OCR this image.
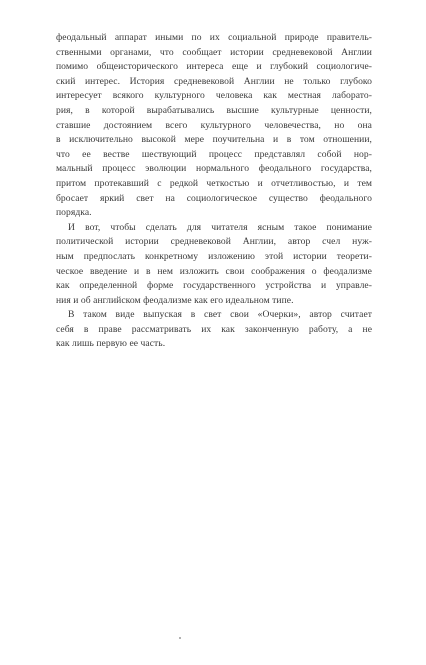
феодальный аппарат иными по их социальной природе правитель-
ственными органами, что сообщает истории средневековой Англии
помимо общеисторического интереса еще и глубокий социологиче-
ский интерес. История средневековой Англии не только глубоко
интересует всякого культурного человека как местная лаборато-
рия, в которой вырабатывались высшие культурные ценности,
ставшие достоянием всего культурного человечества, но она
в исключительно высокой мере поучительна и в том отношении,
что ее вестве шествующий процесс представлял собой нор-
мальный процесс эволюции нормального феодального государства,
притом протекавший с редкой четкостью и отчетливостью, и тем
бросает яркий свет на социологическое существо феодального
порядка.

И вот, чтобы сделать для читателя ясным такое понимание
политической истории средневековой Англии, автор счел нуж-
ным предпослать конкретному изложению этой истории теорети-
ческое введение и в нем изложить свои соображения о феодализме
как определенной форме государственного устройства и управле-
ния и об английском феодализме как его идеальном типе.

В таком виде выпуская в свет свои «Очерки», автор считает
себя в праве рассматривать их как законченную работу, а не
как лишь первую ее часть.
